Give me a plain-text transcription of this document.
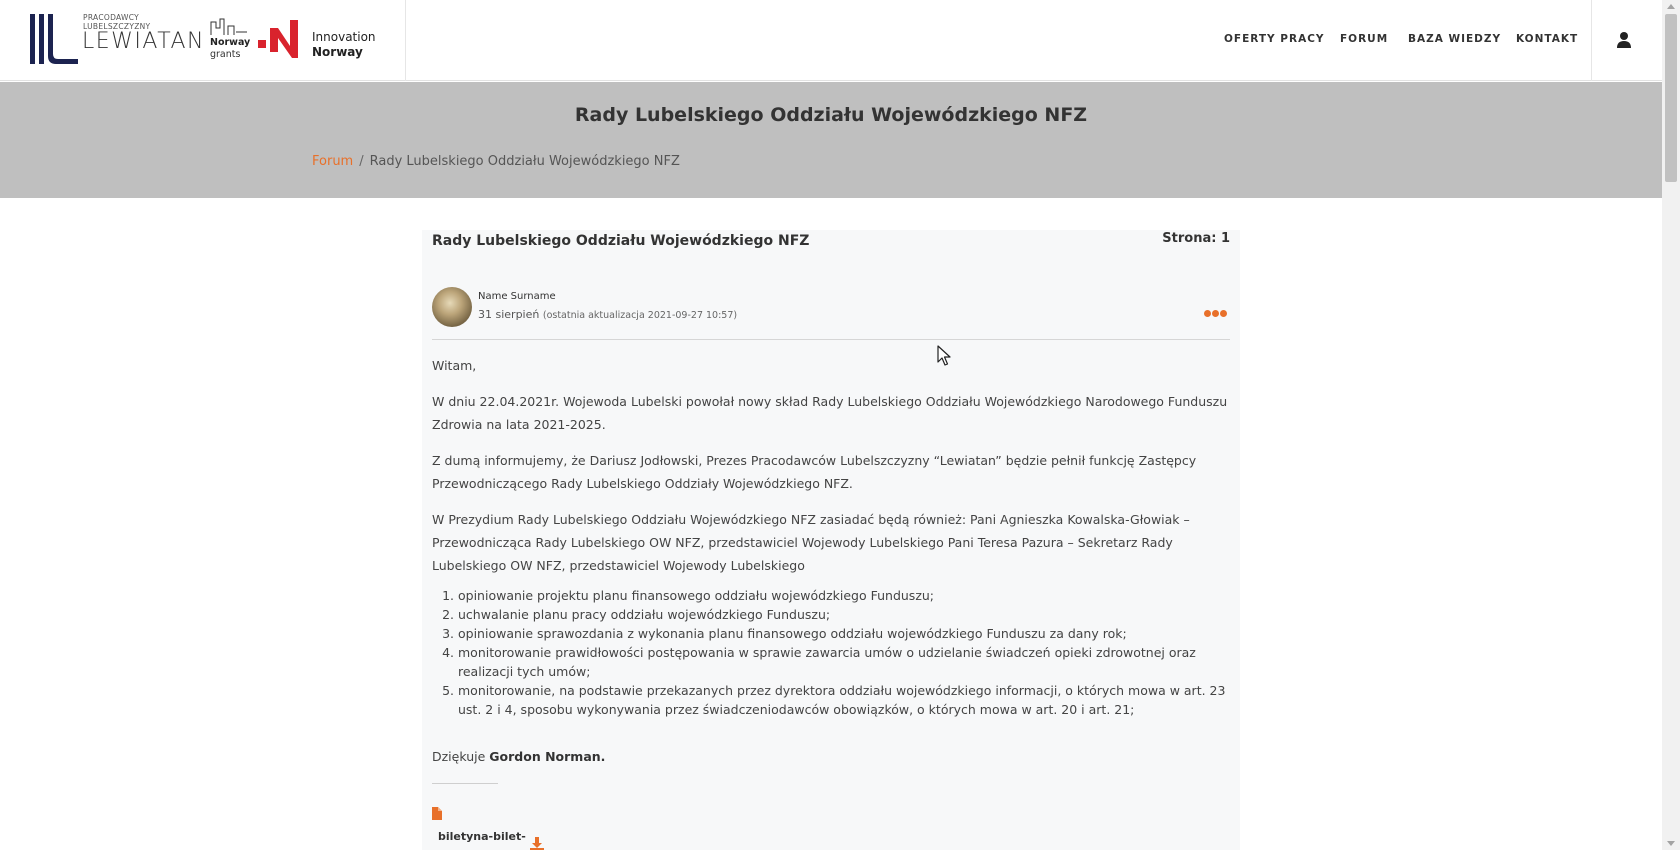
PRACODAWCY
LUBELSZCZYZNY
LEWIATAN Norway
grants
Innovation
Norway
OFERTY PRACY FORUM BAZA WIEDZY KONTAKT
Rady Lubelskiego Oddziału Wojewódzkiego NFZ
Forum / Rady Lubelskiego Oddziału Wojewódzkiego NFZ
Rady Lubelskiego Oddziału Wojewódzkiego NFZ	Strona: 1
Name Surname
31 sierpień (ostatnia aktualizacja 2021-09-27 10:57)

Witam,

W dniu 22.04.2021r. Wojewoda Lubelski powołał nowy skład Rady Lubelskiego Oddziału Wojewódzkiego Narodowego Funduszu Zdrowia na lata 2021-2025.

Z dumą informujemy, że Dariusz Jodłowski, Prezes Pracodawców Lubelszczyzny “Lewiatan” będzie pełnił funkcję Zastępcy Przewodniczącego Rady Lubelskiego Oddziały Wojewódzkiego NFZ.

W Prezydium Rady Lubelskiego Oddziału Wojewódzkiego NFZ zasiadać będą również: Pani Agnieszka Kowalska-Głowiak – Przewodnicząca Rady Lubelskiego OW NFZ, przedstawiciel Wojewody Lubelskiego Pani Teresa Pazura – Sekretarz Rady Lubelskiego OW NFZ, przedstawiciel Wojewody Lubelskiego

1. opiniowanie projektu planu finansowego oddziału wojewódzkiego Funduszu;
2. uchwalanie planu pracy oddziału wojewódzkiego Funduszu;
3. opiniowanie sprawozdania z wykonania planu finansowego oddziału wojewódzkiego Funduszu za dany rok;
4. monitorowanie prawidłowości postępowania w sprawie zawarcia umów o udzielanie świadczeń opieki zdrowotnej oraz realizacji tych umów;
5. monitorowanie, na podstawie przekazanych przez dyrektora oddziału wojewódzkiego informacji, o których mowa w art. 23 ust. 2 i 4, sposobu wykonywania przez świadczeniodawców obowiązków, o których mowa w art. 20 i art. 21;
Dziękuje Gordon Norman.
biletyna-bilet-
